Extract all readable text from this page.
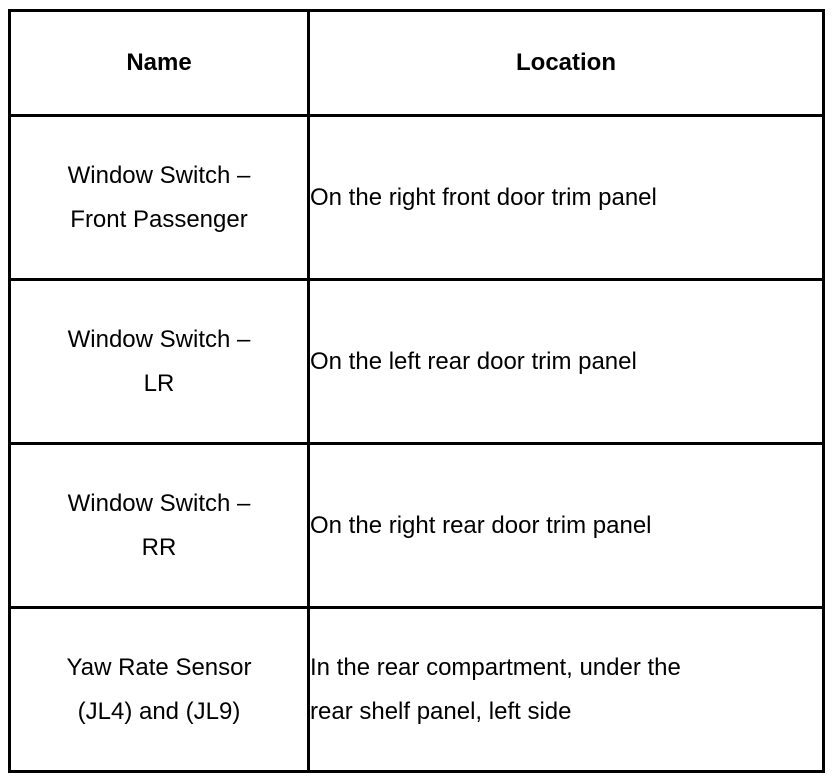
Name	Location

Window Switch –
Front Passenger	On the right front door trim panel

Window Switch –
LR	On the left rear door trim panel

Window Switch –
RR	On the right rear door trim panel

Yaw Rate Sensor
(JL4) and (JL9)	In the rear compartment, under the
rear shelf panel, left side
